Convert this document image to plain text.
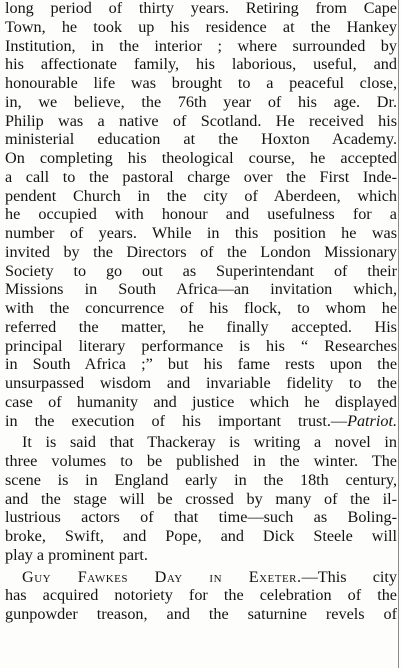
long period of thirty years. Retiring from Cape
Town, he took up his residence at the Hankey
Institution, in the interior ; where surrounded by
his affectionate family, his laborious, useful, and
honourable life was brought to a peaceful close,
in, we believe, the 76th year of his age. Dr.
Philip was a native of Scotland. He received his
ministerial education at the Hoxton Academy.
On completing his theological course, he accepted
a call to the pastoral charge over the First Inde-
pendent Church in the city of Aberdeen, which
he occupied with honour and usefulness for a
number of years. While in this position he was
invited by the Directors of the London Missionary
Society to go out as Superintendant of their
Missions in South Africa—an invitation which,
with the concurrence of his flock, to whom he
referred the matter, he finally accepted. His
principal literary performance is his “ Researches
in South Africa ;” but his fame rests upon the
unsurpassed wisdom and invariable fidelity to the
case of humanity and justice which he displayed
in the execution of his important trust.—Patriot.
It is said that Thackeray is writing a novel in
three volumes to be published in the winter. The
scene is in England early in the 18th century,
and the stage will be crossed by many of the il-
lustrious actors of that time—such as Boling-
broke, Swift, and Pope, and Dick Steele will
play a prominent part.
Guy Fawkes Day in Exeter.—This city
has acquired notoriety for the celebration of the
gunpowder treason, and the saturnine revels of
